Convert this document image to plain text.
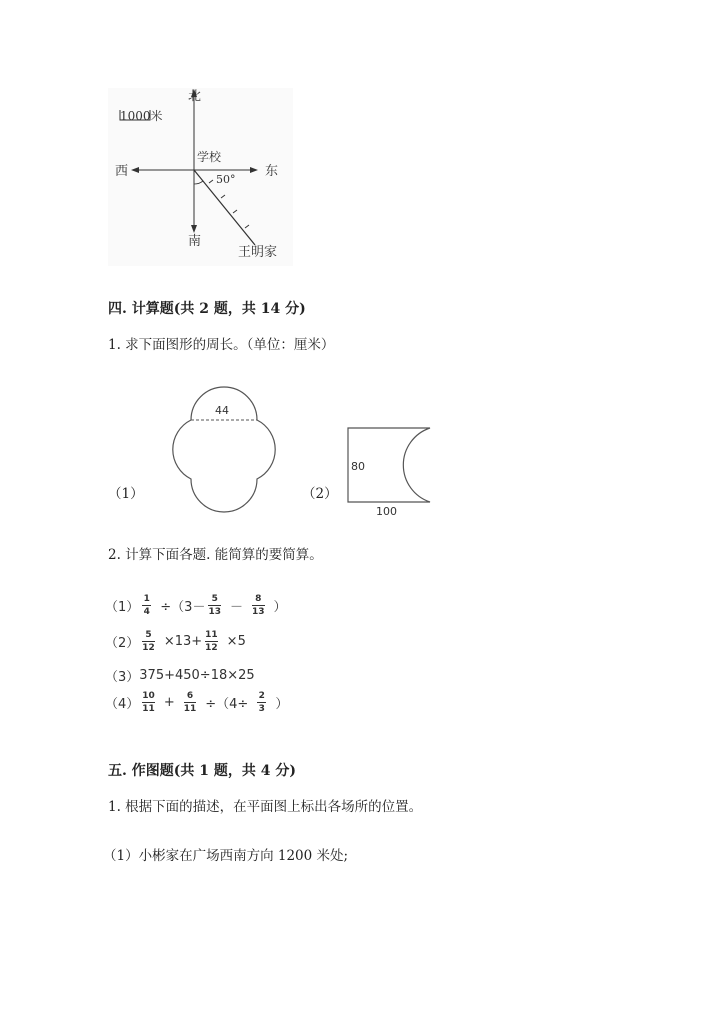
1000米
北
南
东
西
学校
50°
王明家
四. 计算题(共 2 题，共 14 分)
1. 求下面图形的周长。（单位：厘米）
（1）
44
（2）
80
100
2. 计算下面各题. 能简算的要简算。
$(1) \frac{1}{4} \div(3- \frac{5}{13} - \frac{8}{13}$ ）
$(2) \frac{5}{12} \times 13+ \frac{11}{12} \times 5$
（3） 375+450÷18×25
$(4) \frac{10}{11} + \frac{6}{11} \div(4\div \frac{2}{3}$ ）
五. 作图题(共 1 题，共 4 分)
1. 根据下面的描述，在平面图上标出各场所的位置。
（1）小彬家在广场西南方向 1200 米处;
